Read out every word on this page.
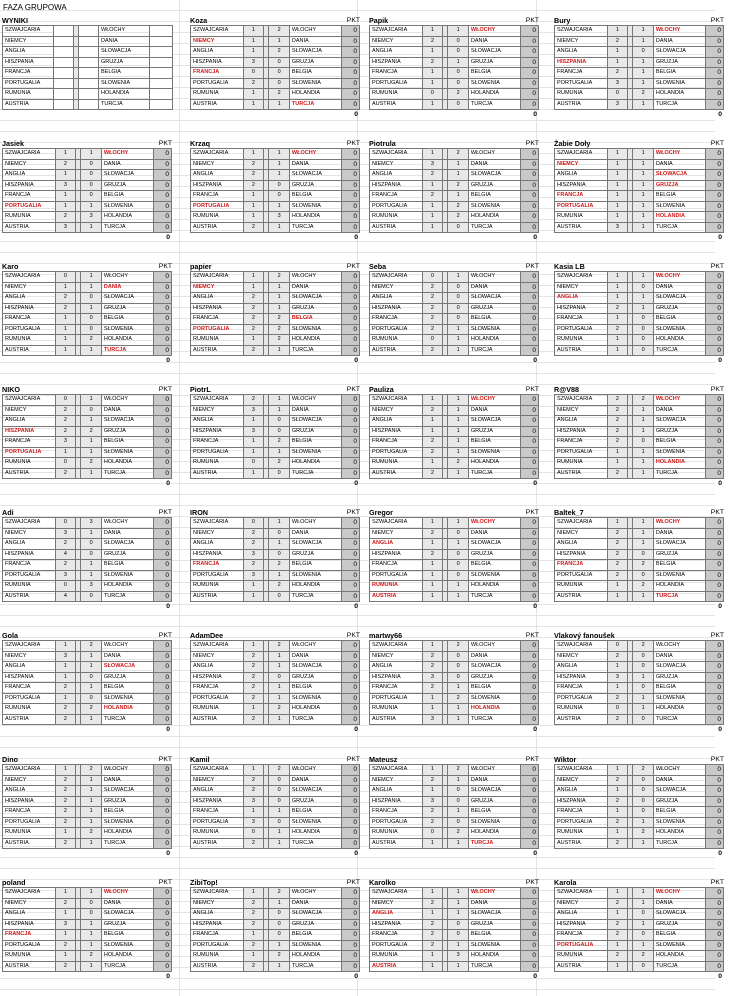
FAZA GRUPOWA
WYNIKI
SZWAJCARIA				WŁOCHY	
NIEMCY				DANIA	
ANGLIA				SŁOWACJA	
HISZPANIA				GRUZJA	
FRANCJA				BELGIA	
PORTUGALIA				SŁOWENIA	
RUMUNIA				HOLANDIA	
AUSTRIA				TURCJA	
Koza	PKT
SZWAJCARIA	1		2	WŁOCHY	0
NIEMCY	1		1	DANIA	0
ANGLIA	1		2	SŁOWACJA	0
HISZPANIA	3		0	GRUZJA	0
FRANCJA	0		0	BELGIA	0
PORTUGALIA	2		0	SŁOWENIA	0
RUMUNIA	1		2	HOLANDIA	0
AUSTRIA	1		1	TURCJA	0
0
Papik	PKT
SZWAJCARIA	1		1	WŁOCHY	0
NIEMCY	2		0	DANIA	0
ANGLIA	1		0	SŁOWACJA	0
HISZPANIA	2		1	GRUZJA	0
FRANCJA	1		0	BELGIA	0
PORTUGALIA	1		0	SŁOWENIA	0
RUMUNIA	0		2	HOLANDIA	0
AUSTRIA	1		0	TURCJA	0
0
Bury	PKT
SZWAJCARIA	1		1	WŁOCHY	0
NIEMCY	2		1	DANIA	0
ANGLIA	1		0	SŁOWACJA	0
HISZPANIA	1		1	GRUZJA	0
FRANCJA	2		1	BELGIA	0
PORTUGALIA	3		1	SŁOWENIA	0
RUMUNIA	0		2	HOLANDIA	0
AUSTRIA	3		1	TURCJA	0
0
Jasiek	PKT
SZWAJCARIA	1		1	WŁOCHY	0
NIEMCY	2		0	DANIA	0
ANGLIA	1		0	SŁOWACJA	0
HISZPANIA	3		0	GRUZJA	0
FRANCJA	1		0	BELGIA	0
PORTUGALIA	1		1	SŁOWENIA	0
RUMUNIA	2		3	HOLANDIA	0
AUSTRIA	3		1	TURCJA	0
0
Krzaq	PKT
SZWAJCARIA	1		1	WŁOCHY	0
NIEMCY	2		1	DANIA	0
ANGLIA	2		1	SŁOWACJA	0
HISZPANIA	2		0	GRUZJA	0
FRANCJA	1		0	BELGIA	0
PORTUGALIA	1		1	SŁOWENIA	0
RUMUNIA	1		3	HOLANDIA	0
AUSTRIA	2		1	TURCJA	0
0
Piotrula	PKT
SZWAJCARIA	1		2	WŁOCHY	0
NIEMCY	3		1	DANIA	0
ANGLIA	2		1	SŁOWACJA	0
HISZPANIA	1		2	GRUZJA	0
FRANCJA	2		1	BELGIA	0
PORTUGALIA	1		2	SŁOWENIA	0
RUMUNIA	1		2	HOLANDIA	0
AUSTRIA	1		0	TURCJA	0
0
Żabie Doły	PKT
SZWAJCARIA	1		1	WŁOCHY	0
NIEMCY	1		1	DANIA	0
ANGLIA	1		1	SŁOWACJA	0
HISZPANIA	1		1	GRUZJA	0
FRANCJA	1		1	BELGIA	0
PORTUGALIA	1		1	SŁOWENIA	0
RUMUNIA	1		1	HOLANDIA	0
AUSTRIA	3		1	TURCJA	0
0
Karo	PKT
SZWAJCARIA	0		1	WŁOCHY	0
NIEMCY	1		1	DANIA	0
ANGLIA	2		0	SŁOWACJA	0
HISZPANIA	2		1	GRUZJA	0
FRANCJA	1		0	BELGIA	0
PORTUGALIA	1		0	SŁOWENIA	0
RUMUNIA	1		2	HOLANDIA	0
AUSTRIA	1		1	TURCJA	0
0
papier	PKT
SZWAJCARIA	1		2	WŁOCHY	0
NIEMCY	1		1	DANIA	0
ANGLIA	2		1	SŁOWACJA	0
HISZPANIA	2		1	GRUZJA	0
FRANCJA	2		2	BELGIA	0
PORTUGALIA	2		2	SŁOWENIA	0
RUMUNIA	1		2	HOLANDIA	0
AUSTRIA	2		1	TURCJA	0
0
Seba	PKT
SZWAJCARIA	0		1	WŁOCHY	0
NIEMCY	2		0	DANIA	0
ANGLIA	2		0	SŁOWACJA	0
HISZPANIA	2		0	GRUZJA	0
FRANCJA	2		0	BELGIA	0
PORTUGALIA	2		1	SŁOWENIA	0
RUMUNIA	0		1	HOLANDIA	0
AUSTRIA	2		1	TURCJA	0
0
Kasia LB	PKT
SZWAJCARIA	1		1	WŁOCHY	0
NIEMCY	1		0	DANIA	0
ANGLIA	1		1	SŁOWACJA	0
HISZPANIA	2		1	GRUZJA	0
FRANCJA	1		0	BELGIA	0
PORTUGALIA	2		0	SŁOWENIA	0
RUMUNIA	1		0	HOLANDIA	0
AUSTRIA	1		0	TURCJA	0
0
NIKO	PKT
SZWAJCARIA	0		1	WŁOCHY	0
NIEMCY	2		0	DANIA	0
ANGLIA	2		1	SŁOWACJA	0
HISZPANIA	2		2	GRUZJA	0
FRANCJA	3		1	BELGIA	0
PORTUGALIA	1		1	SŁOWENIA	0
RUMUNIA	0		2	HOLANDIA	0
AUSTRIA	2		1	TURCJA	0
0
PiotrL	PKT
SZWAJCARIA	2		1	WŁOCHY	0
NIEMCY	3		1	DANIA	0
ANGLIA	1		0	SŁOWACJA	0
HISZPANIA	3		0	GRUZJA	0
FRANCJA	1		2	BELGIA	0
PORTUGALIA	1		1	SŁOWENIA	0
RUMUNIA	0		2	HOLANDIA	0
AUSTRIA	1		0	TURCJA	0
0
Pauliza	PKT
SZWAJCARIA	1		1	WŁOCHY	0
NIEMCY	2		1	DANIA	0
ANGLIA	1		1	SŁOWACJA	0
HISZPANIA	1		1	GRUZJA	0
FRANCJA	2		1	BELGIA	0
PORTUGALIA	2		1	SŁOWENIA	0
RUMUNIA	1		2	HOLANDIA	0
AUSTRIA	2		1	TURCJA	0
0
R@V88	PKT
SZWAJCARIA	2		2	WŁOCHY	0
NIEMCY	2		1	DANIA	0
ANGLIA	2		1	SŁOWACJA	0
HISZPANIA	2		1	GRUZJA	0
FRANCJA	2		0	BELGIA	0
PORTUGALIA	1		1	SŁOWENIA	0
RUMUNIA	1		1	HOLANDIA	0
AUSTRIA	2		1	TURCJA	0
0
Adi	PKT
SZWAJCARIA	0		3	WŁOCHY	0
NIEMCY	3		1	DANIA	0
ANGLIA	2		0	SŁOWACJA	0
HISZPANIA	4		0	GRUZJA	0
FRANCJA	2		1	BELGIA	0
PORTUGALIA	3		1	SŁOWENIA	0
RUMUNIA	0		3	HOLANDIA	0
AUSTRIA	4		0	TURCJA	0
0
IRON	PKT
SZWAJCARIA	0		1	WŁOCHY	0
NIEMCY	2		0	DANIA	0
ANGLIA	2		1	SŁOWACJA	0
HISZPANIA	3		0	GRUZJA	0
FRANCJA	2		2	BELGIA	0
PORTUGALIA	3		1	SŁOWENIA	0
RUMUNIA	1		2	HOLANDIA	0
AUSTRIA	1		0	TURCJA	0
0
Gregor	PKT
SZWAJCARIA	1		1	WŁOCHY	0
NIEMCY	2		0	DANIA	0
ANGLIA	1		1	SŁOWACJA	0
HISZPANIA	2		0	GRUZJA	0
FRANCJA	1		0	BELGIA	0
PORTUGALIA	1		0	SŁOWENIA	0
RUMUNIA	1		1	HOLANDIA	0
AUSTRIA	1		1	TURCJA	0
0
Baltek_7	PKT
SZWAJCARIA	1		1	WŁOCHY	0
NIEMCY	2		1	DANIA	0
ANGLIA	2		1	SŁOWACJA	0
HISZPANIA	2		0	GRUZJA	0
FRANCJA	2		2	BELGIA	0
PORTUGALIA	2		0	SŁOWENIA	0
RUMUNIA	1		2	HOLANDIA	0
AUSTRIA	1		1	TURCJA	0
0
Gola	PKT
SZWAJCARIA	1		2	WŁOCHY	0
NIEMCY	3		1	DANIA	0
ANGLIA	1		1	SŁOWACJA	0
HISZPANIA	1		0	GRUZJA	0
FRANCJA	2		1	BELGIA	0
PORTUGALIA	1		0	SŁOWENIA	0
RUMUNIA	2		2	HOLANDIA	0
AUSTRIA	2		1	TURCJA	0
0
AdamDee	PKT
SZWAJCARIA	1		2	WŁOCHY	0
NIEMCY	2		1	DANIA	0
ANGLIA	2		1	SŁOWACJA	0
HISZPANIA	2		0	GRUZJA	0
FRANCJA	2		1	BELGIA	0
PORTUGALIA	2		1	SŁOWENIA	0
RUMUNIA	1		2	HOLANDIA	0
AUSTRIA	2		1	TURCJA	0
0
martwy66	PKT
SZWAJCARIA	1		2	WŁOCHY	0
NIEMCY	2		0	DANIA	0
ANGLIA	2		0	SŁOWACJA	0
HISZPANIA	3		0	GRUZJA	0
FRANCJA	2		1	BELGIA	0
PORTUGALIA	1		2	SŁOWENIA	0
RUMUNIA	1		1	HOLANDIA	0
AUSTRIA	3		1	TURCJA	0
0
Vlakový fanoušek	PKT
SZWAJCARIA	0		2	WŁOCHY	0
NIEMCY	2		0	DANIA	0
ANGLIA	1		0	SŁOWACJA	0
HISZPANIA	3		1	GRUZJA	0
FRANCJA	1		0	BELGIA	0
PORTUGALIA	2		1	SŁOWENIA	0
RUMUNIA	0		1	HOLANDIA	0
AUSTRIA	2		0	TURCJA	0
0
Dino	PKT
SZWAJCARIA	1		2	WŁOCHY	0
NIEMCY	2		1	DANIA	0
ANGLIA	2		1	SŁOWACJA	0
HISZPANIA	2		1	GRUZJA	0
FRANCJA	2		1	BELGIA	0
PORTUGALIA	2		1	SŁOWENIA	0
RUMUNIA	1		2	HOLANDIA	0
AUSTRIA	2		1	TURCJA	0
0
Kamil	PKT
SZWAJCARIA	1		2	WŁOCHY	0
NIEMCY	2		0	DANIA	0
ANGLIA	2		0	SŁOWACJA	0
HISZPANIA	3		0	GRUZJA	0
FRANCJA	1		1	BELGIA	0
PORTUGALIA	3		0	SŁOWENIA	0
RUMUNIA	0		1	HOLANDIA	0
AUSTRIA	2		1	TURCJA	0
0
Mateusz	PKT
SZWAJCARIA	1		2	WŁOCHY	0
NIEMCY	2		1	DANIA	0
ANGLIA	1		0	SŁOWACJA	0
HISZPANIA	3		0	GRUZJA	0
FRANCJA	2		1	BELGIA	0
PORTUGALIA	2		0	SŁOWENIA	0
RUMUNIA	0		2	HOLANDIA	0
AUSTRIA	1		1	TURCJA	0
0
Wiktor	PKT
SZWAJCARIA	1		2	WŁOCHY	0
NIEMCY	2		0	DANIA	0
ANGLIA	1		0	SŁOWACJA	0
HISZPANIA	2		0	GRUZJA	0
FRANCJA	1		0	BELGIA	0
PORTUGALIA	2		1	SŁOWENIA	0
RUMUNIA	1		2	HOLANDIA	0
AUSTRIA	2		1	TURCJA	0
0
poland	PKT
SZWAJCARIA	1		1	WŁOCHY	0
NIEMCY	2		0	DANIA	0
ANGLIA	1		0	SŁOWACJA	0
HISZPANIA	3		1	GRUZJA	0
FRANCJA	1		1	BELGIA	0
PORTUGALIA	2		1	SŁOWENIA	0
RUMUNIA	1		2	HOLANDIA	0
AUSTRIA	2		1	TURCJA	0
0
ZibiTop!	PKT
SZWAJCARIA	1		2	WŁOCHY	0
NIEMCY	2		1	DANIA	0
ANGLIA	2		0	SŁOWACJA	0
HISZPANIA	2		0	GRUZJA	0
FRANCJA	1		0	BELGIA	0
PORTUGALIA	2		1	SŁOWENIA	0
RUMUNIA	1		2	HOLANDIA	0
AUSTRIA	2		1	TURCJA	0
0
Karolko	PKT
SZWAJCARIA	1		1	WŁOCHY	0
NIEMCY	2		1	DANIA	0
ANGLIA	1		1	SŁOWACJA	0
HISZPANIA	2		0	GRUZJA	0
FRANCJA	2		0	BELGIA	0
PORTUGALIA	2		1	SŁOWENIA	0
RUMUNIA	1		3	HOLANDIA	0
AUSTRIA	1		1	TURCJA	0
0
Karola	PKT
SZWAJCARIA	1		1	WŁOCHY	0
NIEMCY	2		1	DANIA	0
ANGLIA	1		0	SŁOWACJA	0
HISZPANIA	2		1	GRUZJA	0
FRANCJA	2		0	BELGIA	0
PORTUGALIA	1		1	SŁOWENIA	0
RUMUNIA	2		2	HOLANDIA	0
AUSTRIA	1		0	TURCJA	0
0
